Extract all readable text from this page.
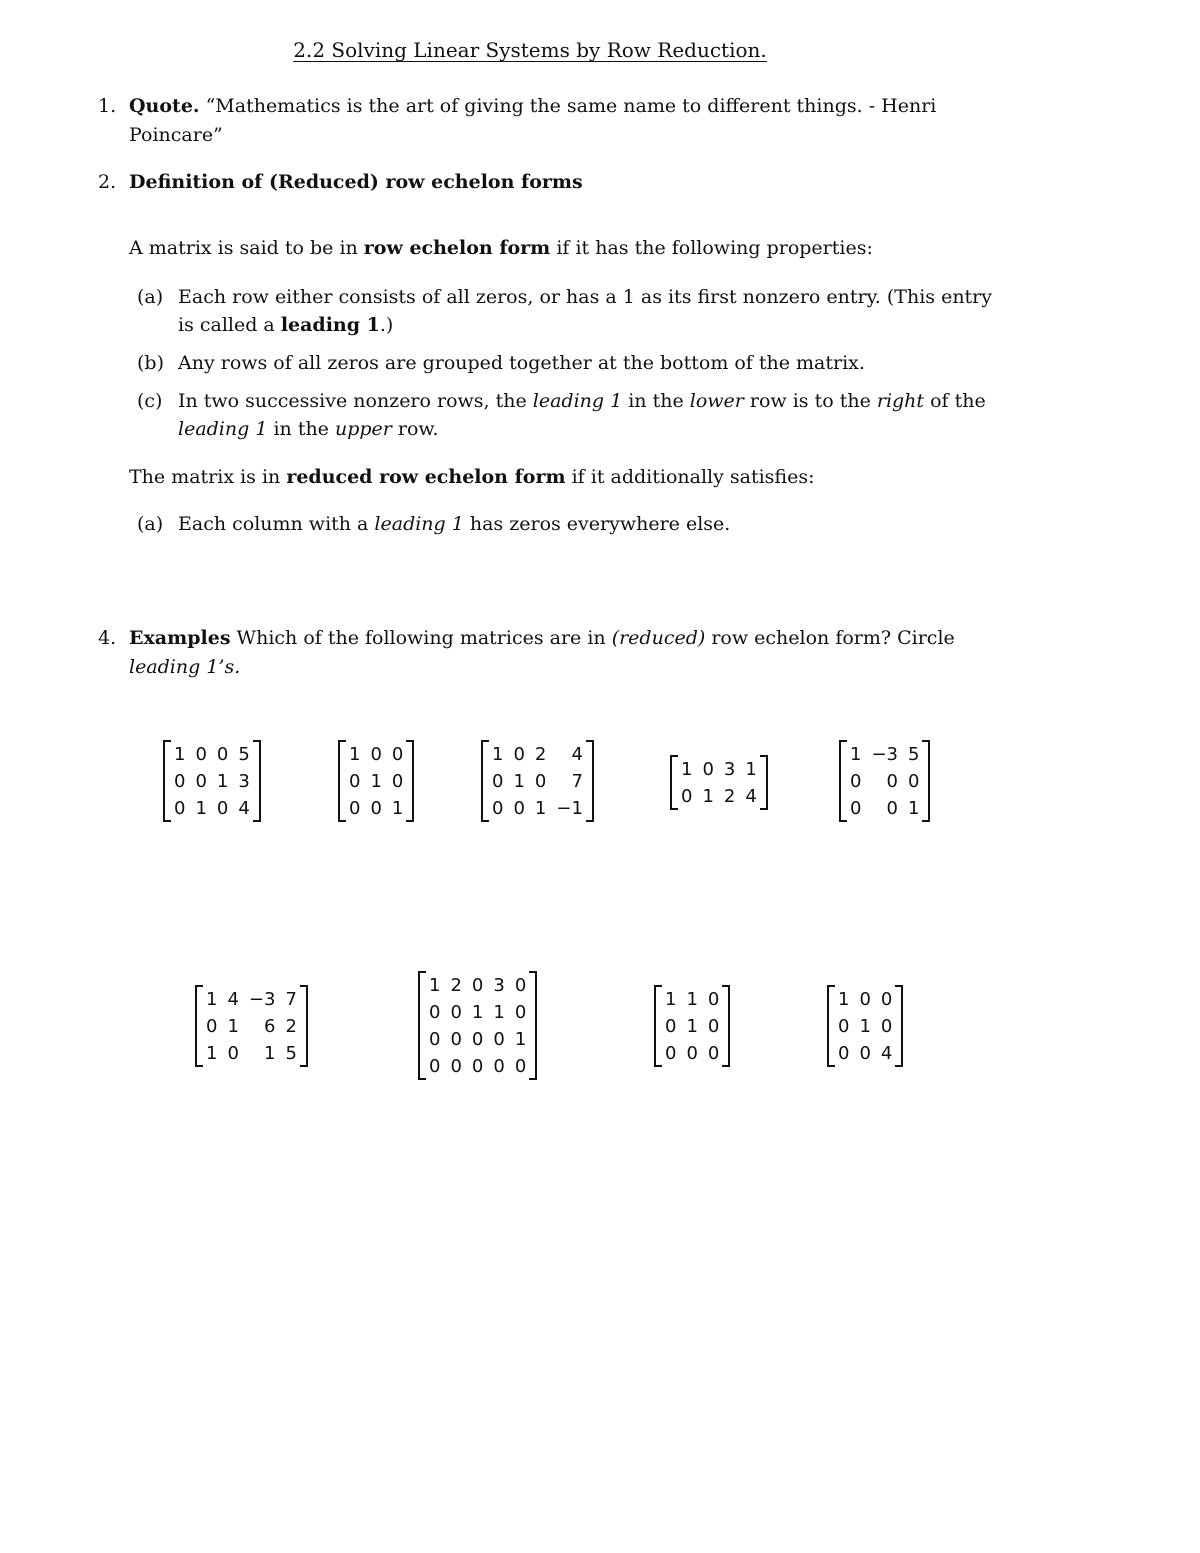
2.2 Solving Linear Systems by Row Reduction.
1. Quote. “Mathematics is the art of giving the same name to different things. - Henri Poincare”
2. Definition of (Reduced) row echelon forms
A matrix is said to be in row echelon form if it has the following properties:
(a) Each row either consists of all zeros, or has a 1 as its first nonzero entry. (This entry is called a leading 1.)
(b) Any rows of all zeros are grouped together at the bottom of the matrix.
(c) In two successive nonzero rows, the leading 1 in the lower row is to the right of the leading 1 in the upper row.
The matrix is in reduced row echelon form if it additionally satisfies:
(a) Each column with a leading 1 has zeros everywhere else.
4. Examples Which of the following matrices are in (reduced) row echelon form? Circle leading 1’s.
1	0	0	5
0	0	1	3
0	1	0	4
1	0	0
0	1	0
0	0	1
1	0	2	4
0	1	0	7
0	0	1	−1
1	0	3	1
0	1	2	4
1	−3	5
0	0	0
0	0	1
1	4	−3	7
0	1	6	2
1	0	1	5
1	2	0	3	0
0	0	1	1	0
0	0	0	0	1
0	0	0	0	0
1	1	0
0	1	0
0	0	0
1	0	0
0	1	0
0	0	4
